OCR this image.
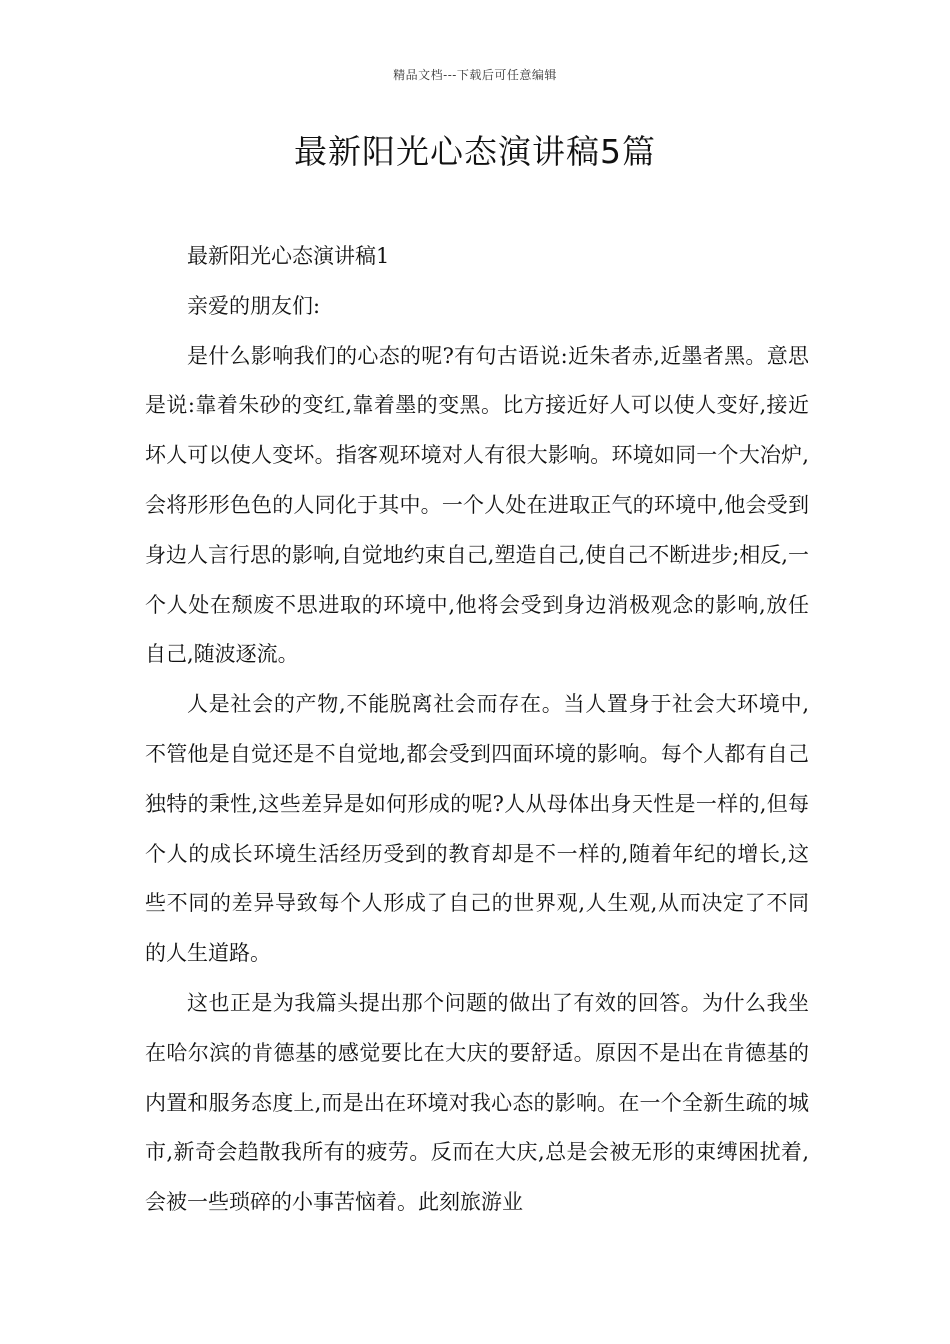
精品文档---下载后可任意编辑
最新阳光心态演讲稿5篇

最新阳光心态演讲稿1

亲爱的朋友们:

是什么影响我们的心态的呢?有句古语说:近朱者赤,近墨者黑。意思是说:靠着朱砂的变红,靠着墨的变黑。比方接近好人可以使人变好,接近坏人可以使人变坏。指客观环境对人有很大影响。环境如同一个大冶炉,会将形形色色的人同化于其中。一个人处在进取正气的环境中,他会受到身边人言行思的影响,自觉地约束自己,塑造自己,使自己不断进步;相反,一个人处在颓废不思进取的环境中,他将会受到身边消极观念的影响,放任自己,随波逐流。

人是社会的产物,不能脱离社会而存在。当人置身于社会大环境中,不管他是自觉还是不自觉地,都会受到四面环境的影响。每个人都有自己独特的秉性,这些差异是如何形成的呢?人从母体出身天性是一样的,但每个人的成长环境生活经历受到的教育却是不一样的,随着年纪的增长,这些不同的差异导致每个人形成了自己的世界观,人生观,从而决定了不同的人生道路。

这也正是为我篇头提出那个问题的做出了有效的回答。为什么我坐在哈尔滨的肯德基的感觉要比在大庆的要舒适。原因不是出在肯德基的内置和服务态度上,而是出在环境对我心态的影响。在一个全新生疏的城市,新奇会趋散我所有的疲劳。反而在大庆,总是会被无形的束缚困扰着,会被一些琐碎的小事苦恼着。此刻旅游业
